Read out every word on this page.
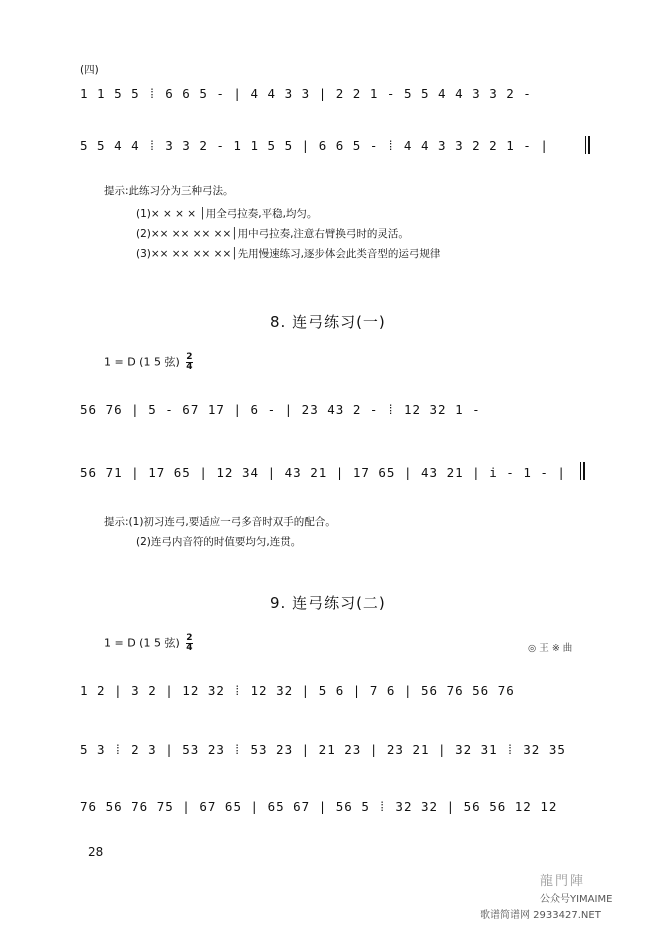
(四)
1 1 5 5 ⁞ 6 6 5 - | 4 4 3 3 | 2 2 1 - 5 5 4 4 3 3 2 -
5 5 4 4 ⁞ 3 3 2 - 1 1 5 5 | 6 6 5 - ⁞ 4 4 3 3 2 2 1 - |
提示:此练习分为三种弓法。
(1)× × × × │用全弓拉奏,平稳,均匀。
(2)×× ×× ×× ××│用中弓拉奏,注意右臂换弓时的灵活。
(3)×× ×× ×× ××│先用慢速练习,逐步体会此类音型的运弓规律
8. 连弓练习(一)
1 = D (1 5 弦) $\frac{2}{4}$
56 76 | 5 - 67 17 | 6 - | 23 43 2 - ⁞ 12 32 1 -
56 71 | 17 65 | 12 34 | 43 21 | 17 65 | 43 21 | i - 1 - |
提示:(1)初习连弓,要适应一弓多音时双手的配合。
(2)连弓内音符的时值要均匀,连贯。
9. 连弓练习(二)
1 = D (1 5 弦) $\frac{2}{4}$	◎ 王 ※ 曲
1 2 | 3 2 | 12 32 ⁞ 12 32 | 5 6 | 7 6 | 56 76 56 76
5 3 ⁞ 2 3 | 53 23 ⁞ 53 23 | 21 23 | 23 21 | 32 31 ⁞ 32 35
76 56 76 75 | 67 65 | 65 67 | 56 5 ⁞ 32 32 | 56 56 12 12
28
龍門陣
公众号YIMAIME
歌谱简谱网 2933427.NET
